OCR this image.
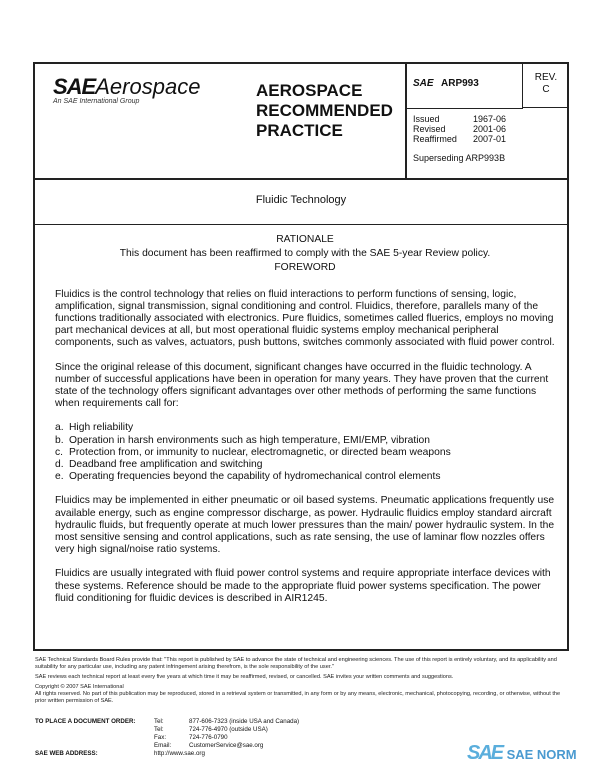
SAEAerospace
An SAE International Group
AEROSPACE
RECOMMENDED
PRACTICE
SAE ARP993
REV.
C
Issued	1967-06
Revised	2001-06
Reaffirmed	2007-01
Superseding ARP993B
Fluidic Technology
RATIONALE
This document has been reaffirmed to comply with the SAE 5-year Review policy.
FOREWORD

Fluidics is the control technology that relies on fluid interactions to perform functions of sensing, logic, amplification, signal transmission, signal conditioning and control. Fluidics, therefore, parallels many of the functions traditionally associated with electronics. Pure fluidics, sometimes called fluerics, employs no moving part mechanical devices at all, but most operational fluidic systems employ mechanical peripheral components, such as valves, actuators, push buttons, switches commonly associated with fluid power control.

Since the original release of this document, significant changes have occurred in the fluidic technology. A number of successful applications have been in operation for many years. They have proven that the current state of the technology offers significant advantages over other methods of performing the same functions when requirements call for:

a. High reliability
b. Operation in harsh environments such as high temperature, EMI/EMP, vibration
c. Protection from, or immunity to nuclear, electromagnetic, or directed beam weapons
d. Deadband free amplification and switching
e. Operating frequencies beyond the capability of hydromechanical control elements

Fluidics may be implemented in either pneumatic or oil based systems. Pneumatic applications frequently use available energy, such as engine compressor discharge, as power. Hydraulic fluidics employ standard aircraft hydraulic fluids, but frequently operate at much lower pressures than the main/ power hydraulic system. In the most sensitive sensing and control applications, such as rate sensing, the use of laminar flow nozzles offers very high signal/noise ratio systems.

Fluidics are usually integrated with fluid power control systems and require appropriate interface devices with these systems. Reference should be made to the appropriate fluid power systems specification. The power fluid conditioning for fluidic devices is described in AIR1245.

SAE Technical Standards Board Rules provide that: "This report is published by SAE to advance the state of technical and engineering sciences. The use of this report is entirely voluntary, and its applicability and suitability for any particular use, including any patent infringement arising therefrom, is the sole responsibility of the user."

SAE reviews each technical report at least every five years at which time it may be reaffirmed, revised, or cancelled. SAE invites your written comments and suggestions.

Copyright © 2007 SAE International

All rights reserved. No part of this publication may be reproduced, stored in a retrieval system or transmitted, in any form or by any means, electronic, mechanical, photocopying, recording, or otherwise, without the prior written permission of SAE.

TO PLACE A DOCUMENT ORDER:	Tel:	877-606-7323 (inside USA and Canada)
Tel:	724-776-4970 (outside USA)
Fax:	724-776-0790
Email:	CustomerService@sae.org
SAE WEB ADDRESS:	http://www.sae.org	SAE SAE NORM
